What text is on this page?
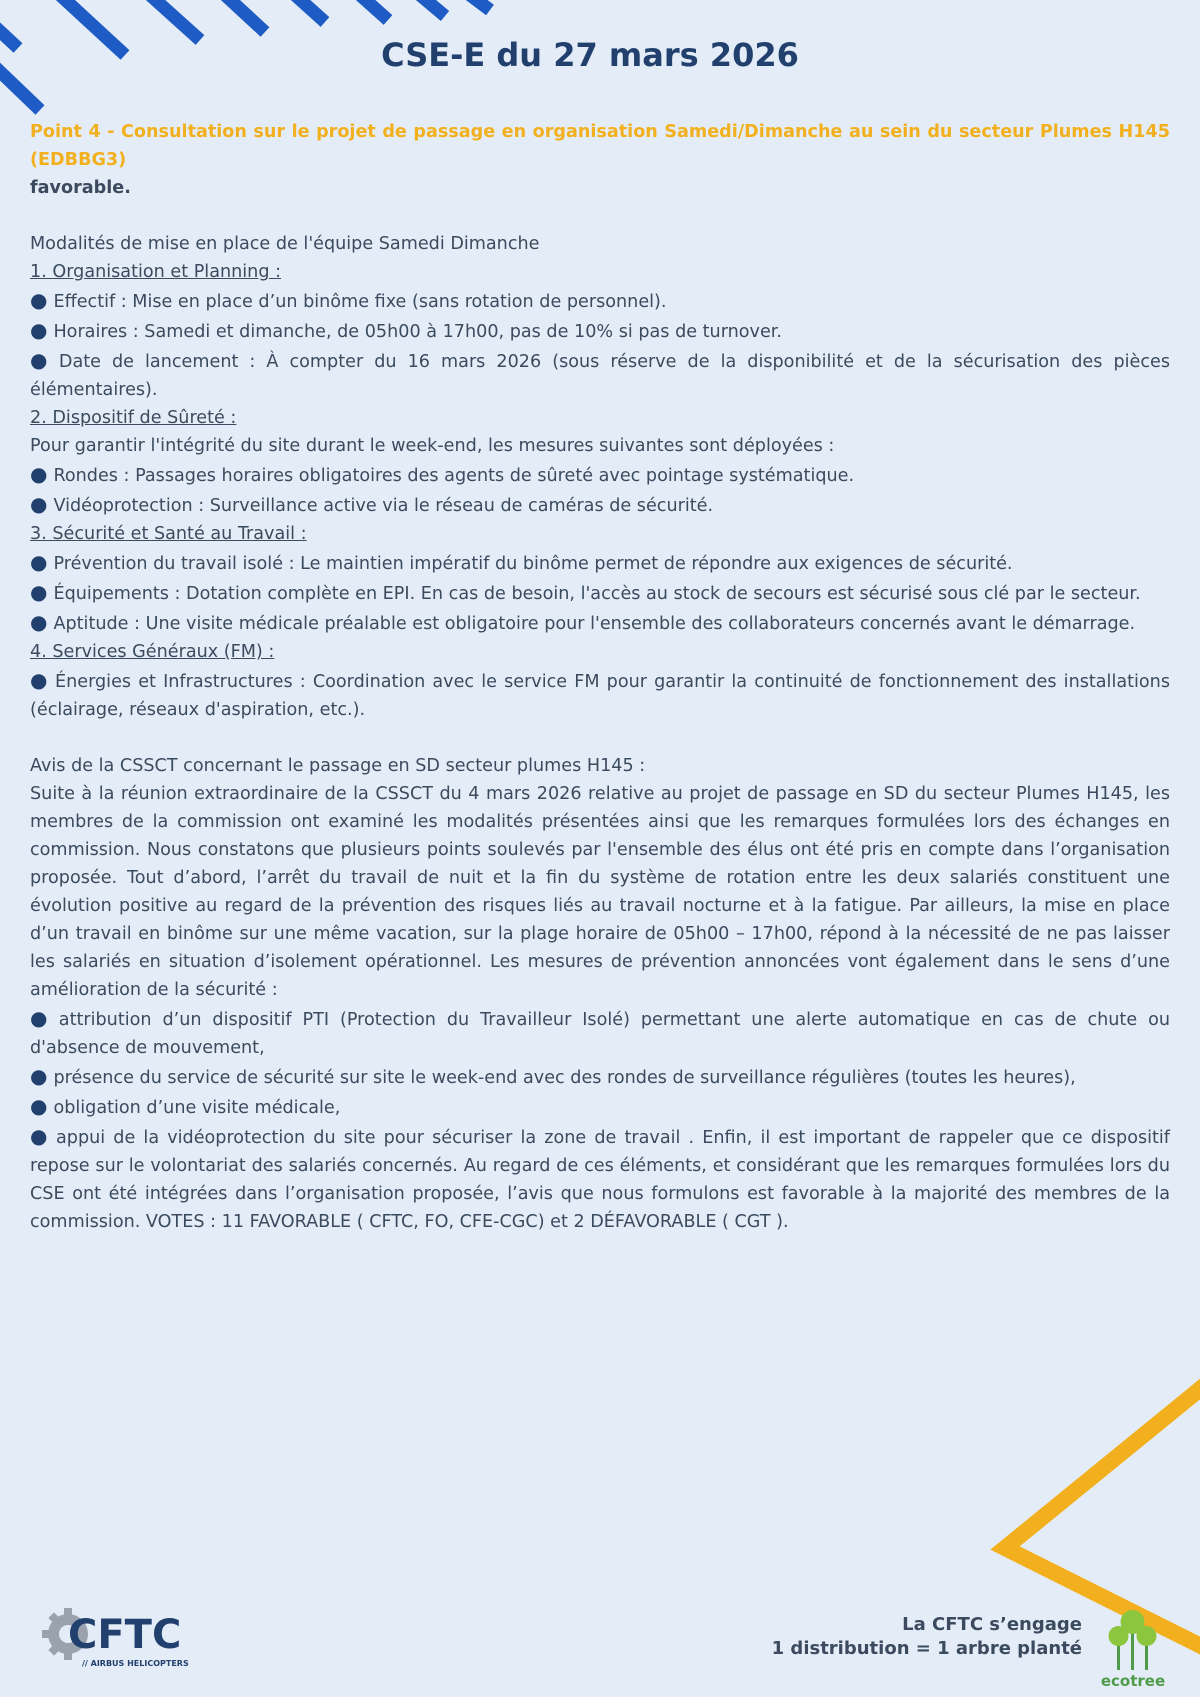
CSE-E du 27 mars 2026

Point 4 - Consultation sur le projet de passage en organisation Samedi/Dimanche au sein du secteur Plumes H145 (EDBBG3)

favorable.

Modalités de mise en place de l'équipe Samedi Dimanche

1. Organisation et Planning :

● Effectif : Mise en place d’un binôme fixe (sans rotation de personnel).

● Horaires : Samedi et dimanche, de 05h00 à 17h00, pas de 10% si pas de turnover.

● Date de lancement : À compter du 16 mars 2026 (sous réserve de la disponibilité et de la sécurisation des pièces élémentaires).

2. Dispositif de Sûreté :

Pour garantir l'intégrité du site durant le week-end, les mesures suivantes sont déployées :

● Rondes : Passages horaires obligatoires des agents de sûreté avec pointage systématique.

● Vidéoprotection : Surveillance active via le réseau de caméras de sécurité.

3. Sécurité et Santé au Travail :

● Prévention du travail isolé : Le maintien impératif du binôme permet de répondre aux exigences de sécurité.

● Équipements : Dotation complète en EPI. En cas de besoin, l'accès au stock de secours est sécurisé sous clé par le secteur.

● Aptitude : Une visite médicale préalable est obligatoire pour l'ensemble des collaborateurs concernés avant le démarrage.

4. Services Généraux (FM) :

● Énergies et Infrastructures : Coordination avec le service FM pour garantir la continuité de fonctionnement des installations (éclairage, réseaux d'aspiration, etc.).

Avis de la CSSCT concernant le passage en SD secteur plumes H145 :

Suite à la réunion extraordinaire de la CSSCT du 4 mars 2026 relative au projet de passage en SD du secteur Plumes H145, les membres de la commission ont examiné les modalités présentées ainsi que les remarques formulées lors des échanges en commission. Nous constatons que plusieurs points soulevés par l'ensemble des élus ont été pris en compte dans l’organisation proposée. Tout d’abord, l’arrêt du travail de nuit et la fin du système de rotation entre les deux salariés constituent une évolution positive au regard de la prévention des risques liés au travail nocturne et à la fatigue. Par ailleurs, la mise en place d’un travail en binôme sur une même vacation, sur la plage horaire de 05h00 – 17h00, répond à la nécessité de ne pas laisser les salariés en situation d’isolement opérationnel. Les mesures de prévention annoncées vont également dans le sens d’une amélioration de la sécurité :

● attribution d’un dispositif PTI (Protection du Travailleur Isolé) permettant une alerte automatique en cas de chute ou d'absence de mouvement,

● présence du service de sécurité sur site le week-end avec des rondes de surveillance régulières (toutes les heures),

● obligation d’une visite médicale,

● appui de la vidéoprotection du site pour sécuriser la zone de travail . Enfin, il est important de rappeler que ce dispositif repose sur le volontariat des salariés concernés. Au regard de ces éléments, et considérant que les remarques formulées lors du CSE ont été intégrées dans l’organisation proposée, l’avis que nous formulons est favorable à la majorité des membres de la commission. VOTES : 11 FAVORABLE ( CFTC, FO, CFE-CGC) et 2 DÉFAVORABLE ( CGT ).

CFTC
// AIRBUS HELICOPTERS
La CFTC s’engage
1 distribution = 1 arbre planté
ecotree
